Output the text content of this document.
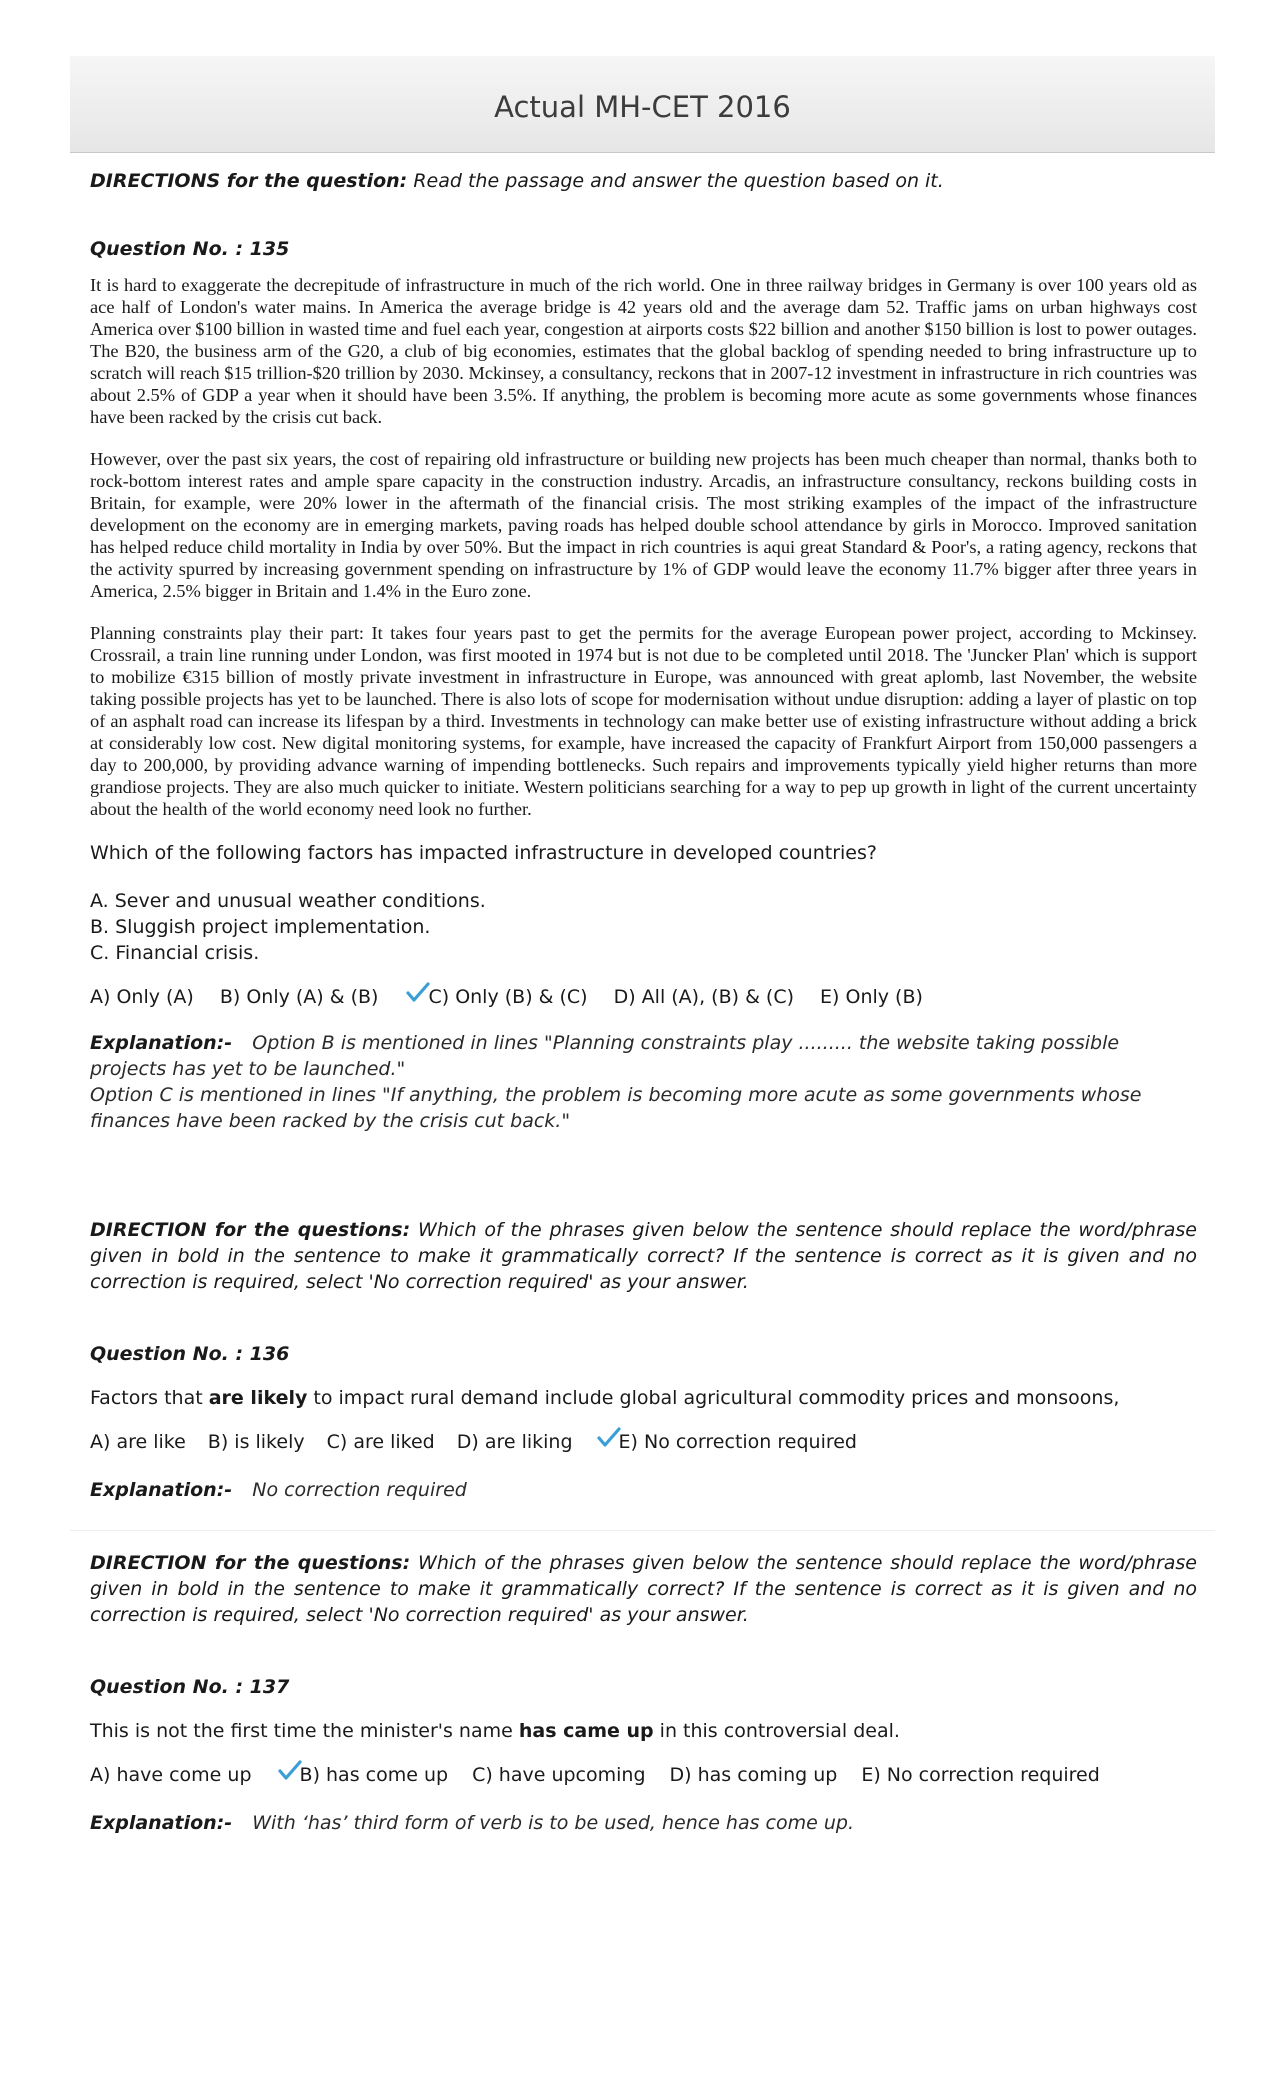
Actual MH-CET 2016
DIRECTIONS for the question: Read the passage and answer the question based on it.
Question No. : 135

It is hard to exaggerate the decrepitude of infrastructure in much of the rich world. One in three railway bridges in Germany is over 100 years old as ace half of London's water mains. In America the average bridge is 42 years old and the average dam 52. Traffic jams on urban highways cost America over $100 billion in wasted time and fuel each year, congestion at airports costs $22 billion and another $150 billion is lost to power outages. The B20, the business arm of the G20, a club of big economies, estimates that the global backlog of spending needed to bring infrastructure up to scratch will reach $15 trillion-$20 trillion by 2030. Mckinsey, a consultancy, reckons that in 2007-12 investment in infrastructure in rich countries was about 2.5% of GDP a year when it should have been 3.5%. If anything, the problem is becoming more acute as some governments whose finances have been racked by the crisis cut back.

However, over the past six years, the cost of repairing old infrastructure or building new projects has been much cheaper than normal, thanks both to rock-bottom interest rates and ample spare capacity in the construction industry. Arcadis, an infrastructure consultancy, reckons building costs in Britain, for example, were 20% lower in the aftermath of the financial crisis. The most striking examples of the impact of the infrastructure development on the economy are in emerging markets, paving roads has helped double school attendance by girls in Morocco. Improved sanitation has helped reduce child mortality in India by over 50%. But the impact in rich countries is aqui great Standard & Poor's, a rating agency, reckons that the activity spurred by increasing government spending on infrastructure by 1% of GDP would leave the economy 11.7% bigger after three years in America, 2.5% bigger in Britain and 1.4% in the Euro zone.

Planning constraints play their part: It takes four years past to get the permits for the average European power project, according to Mckinsey. Crossrail, a train line running under London, was first mooted in 1974 but is not due to be completed until 2018. The 'Juncker Plan' which is support to mobilize €315 billion of mostly private investment in infrastructure in Europe, was announced with great aplomb, last November, the website taking possible projects has yet to be launched. There is also lots of scope for modernisation without undue disruption: adding a layer of plastic on top of an asphalt road can increase its lifespan by a third. Investments in technology can make better use of existing infrastructure without adding a brick at considerably low cost. New digital monitoring systems, for example, have increased the capacity of Frankfurt Airport from 150,000 passengers a day to 200,000, by providing advance warning of impending bottlenecks. Such repairs and improvements typically yield higher returns than more grandiose projects. They are also much quicker to initiate. Western politicians searching for a way to pep up growth in light of the current uncertainty about the health of the world economy need look no further.

Which of the following factors has impacted infrastructure in developed countries?
A. Sever and unusual weather conditions.
B. Sluggish project implementation.
C. Financial crisis.
A) Only (A) B) Only (A) & (B)	C) Only (B) & (C) D) All (A), (B) & (C) E) Only (B)
Explanation:- Option B is mentioned in lines "Planning constraints play ......... the website taking possible projects has yet to be launched."
Option C is mentioned in lines "If anything, the problem is becoming more acute as some governments whose finances have been racked by the crisis cut back."
DIRECTION for the questions: Which of the phrases given below the sentence should replace the word/phrase given in bold in the sentence to make it grammatically correct? If the sentence is correct as it is given and no correction is required, select 'No correction required' as your answer.
Question No. : 136
Factors that are likely to impact rural demand include global agricultural commodity prices and monsoons,
A) are like B) is likely C) are liked D) are liking E) No correction required
Explanation:- No correction required
DIRECTION for the questions: Which of the phrases given below the sentence should replace the word/phrase given in bold in the sentence to make it grammatically correct? If the sentence is correct as it is given and no correction is required, select 'No correction required' as your answer.
Question No. : 137
This is not the first time the minister's name has came up in this controversial deal.
A) have come up	B) has come up C) have upcoming D) has coming up E) No correction required
Explanation:- With ‘has’ third form of verb is to be used, hence has come up.
